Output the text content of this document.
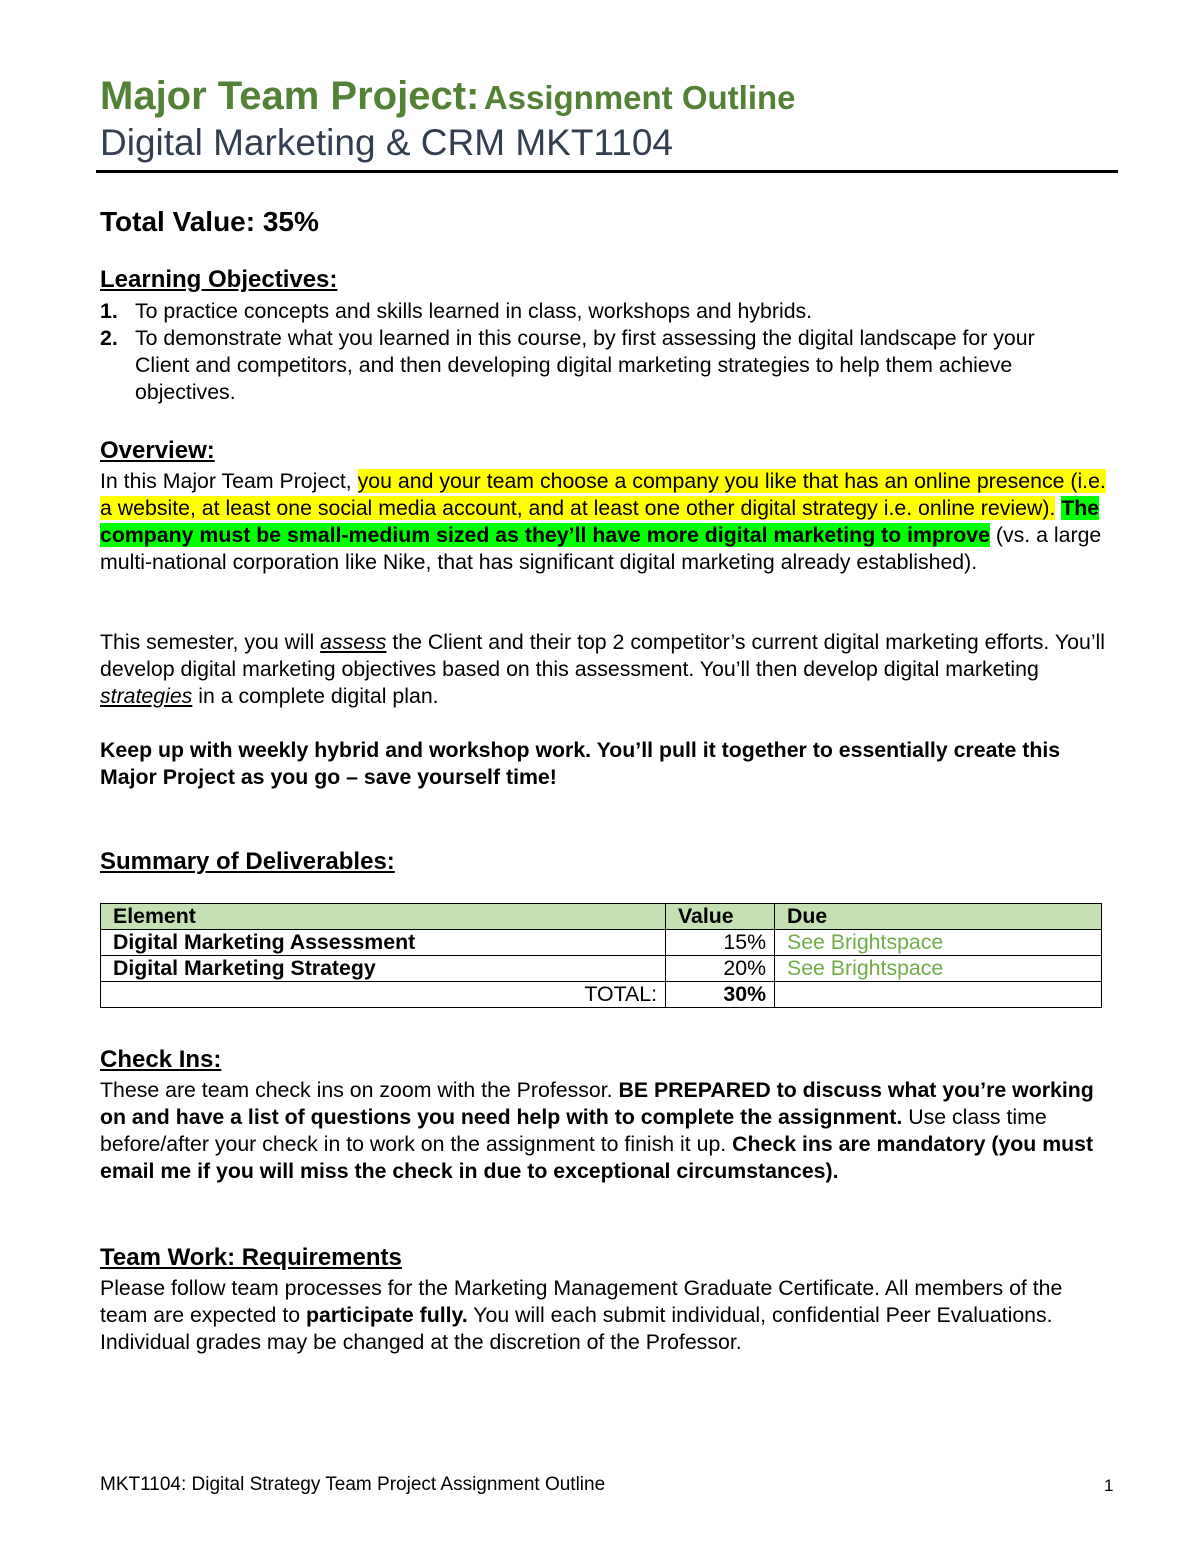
Major Team Project: Assignment Outline
Digital Marketing & CRM MKT1104
Total Value: 35%
Learning Objectives:
1. To practice concepts and skills learned in class, workshops and hybrids.
2. To demonstrate what you learned in this course, by first assessing the digital landscape for your Client and competitors, and then developing digital marketing strategies to help them achieve objectives.
Overview:

In this Major Team Project, you and your team choose a company you like that has an online presence (i.e. a website, at least one social media account, and at least one other digital strategy i.e. online review). The company must be small-medium sized as they’ll have more digital marketing to improve (vs. a large multi-national corporation like Nike, that has significant digital marketing already established).

This semester, you will assess the Client and their top 2 competitor’s current digital marketing efforts. You’ll develop digital marketing objectives based on this assessment. You’ll then develop digital marketing strategies in a complete digital plan.

Keep up with weekly hybrid and workshop work. You’ll pull it together to essentially create this Major Project as you go – save yourself time!

Summary of Deliverables:
Element	Value	Due
Digital Marketing Assessment	15%	See Brightspace
Digital Marketing Strategy	20%	See Brightspace
TOTAL:	30%	
Check Ins:

These are team check ins on zoom with the Professor. BE PREPARED to discuss what you’re working on and have a list of questions you need help with to complete the assignment. Use class time before/after your check in to work on the assignment to finish it up. Check ins are mandatory (you must email me if you will miss the check in due to exceptional circumstances).

Team Work: Requirements

Please follow team processes for the Marketing Management Graduate Certificate. All members of the team are expected to participate fully. You will each submit individual, confidential Peer Evaluations. Individual grades may be changed at the discretion of the Professor.

MKT1104: Digital Strategy Team Project Assignment Outline	1
